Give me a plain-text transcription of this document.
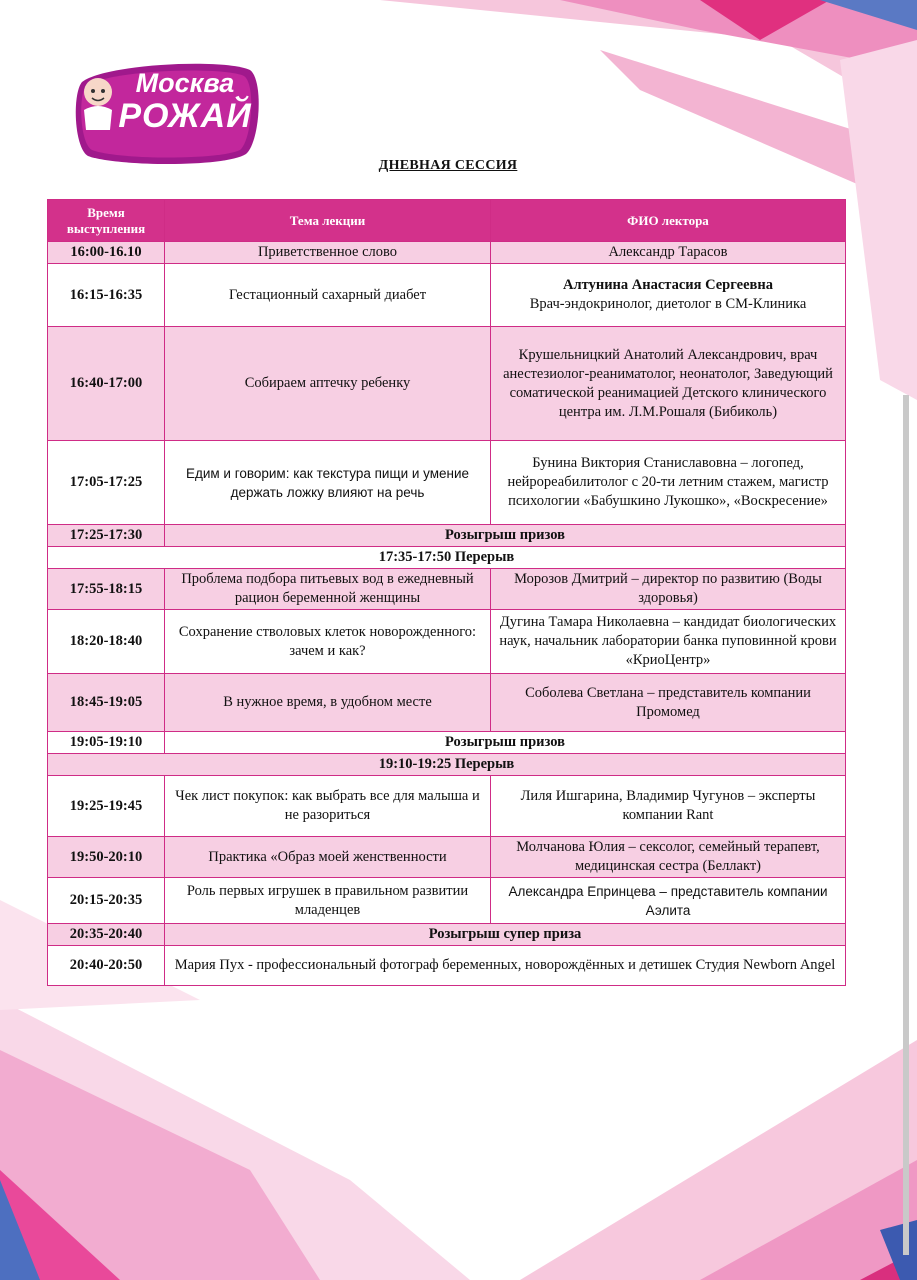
Москва
РОЖАЙ
ДНЕВНАЯ СЕССИЯ
Время выступления	Тема лекции	ФИО лектора
16:00-16.10	Приветственное слово	Александр Тарасов
16:15-16:35	Гестационный сахарный диабет	Алтунина Анастасия Сергеевна
Врач-эндокринолог, диетолог в СМ-Клиника

16:40-17:00	Собираем аптечку ребенку	Крушельницкий Анатолий Александрович, врач анестезиолог-реаниматолог, неонатолог, Заведующий соматической реанимацией Детского клинического центра им. Л.М.Рошаля (Бибиколь)
17:05-17:25	Едим и говорим: как текстура пищи и умение держать ложку влияют на речь	Бунина Виктория Станиславовна – логопед, нейрореабилитолог с 20-ти летним стажем, магистр психологии «Бабушкино Лукошко», «Воскресение»
17:25-17:30	Розыгрыш призов	
17:35-17:50 Перерыв		
17:55-18:15	Проблема подбора питьевых вод в ежедневный рацион беременной женщины	Морозов Дмитрий – директор по развитию (Воды здоровья)
18:20-18:40	Сохранение стволовых клеток новорожденного: зачем и как?	Дугина Тамара Николаевна – кандидат биологических наук, начальник лаборатории банка пуповинной крови «КриоЦентр»
18:45-19:05	В нужное время, в удобном месте	Соболева Светлана – представитель компании Промомед
19:05-19:10	Розыгрыш призов	
19:10-19:25 Перерыв		
19:25-19:45	Чек лист покупок: как выбрать все для малыша и не разориться	Лиля Ишгарина, Владимир Чугунов – эксперты компании Rant
19:50-20:10	Практика «Образ моей женственности	Молчанова Юлия – сексолог, семейный терапевт, медицинская сестра (Беллакт)
20:15-20:35	Роль первых игрушек в правильном развитии младенцев	Александра Епринцева – представитель компании Аэлита
20:35-20:40	Розыгрыш супер приза	
20:40-20:50	Мария Пух - профессиональный фотограф беременных, новорождённых и детишек Студия Newborn Angel	
